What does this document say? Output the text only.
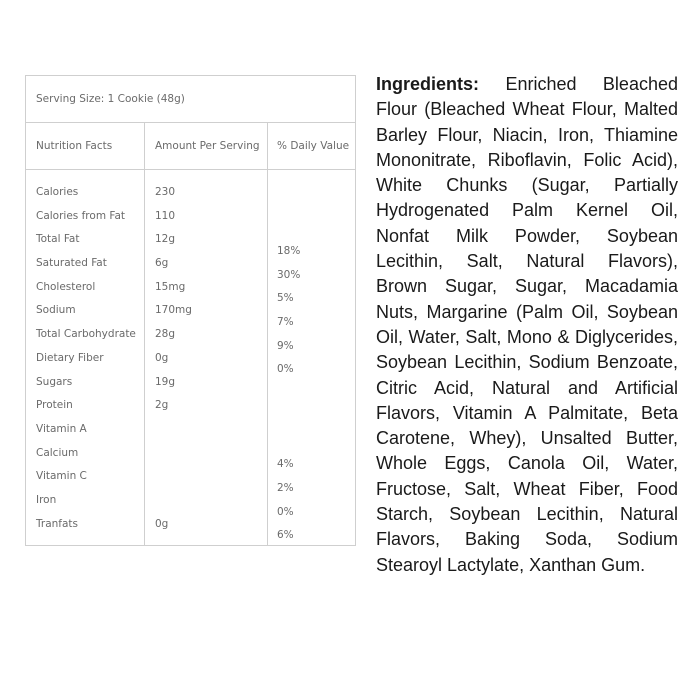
Serving Size: 1 Cookie (48g)
Nutrition Facts	Amount Per Serving % Daily Value
Calories
Calories from Fat
Total Fat
Saturated Fat
Cholesterol
Sodium
Total Carbohydrate
Dietary Fiber
Sugars
Protein
Vitamin A
Calcium
Vitamin C
Iron
Tranfats
230
110
12g
6g
15mg
170mg
28g
0g
19g
2g
0g
18%
30%
5%
7%
9%
0%
4%
2%
0%
6%

Ingredients: Enriched Bleached Flour (Bleached Wheat Flour, Malted Barley Flour, Niacin, Iron, Thiamine Mononitrate, Riboflavin, Folic Acid), White Chunks (Sugar, Partially Hydrogenated Palm Kernel Oil, Nonfat Milk Powder, Soybean Lecithin, Salt, Natural Flavors), Brown Sugar, Sugar, Macadamia Nuts, Margarine (Palm Oil, Soybean Oil, Water, Salt, Mono & Diglycerides, Soybean Lecithin, Sodium Benzoate, Citric Acid, Natural and Artificial Flavors, Vitamin A Palmitate, Beta Carotene, Whey), Unsalted Butter, Whole Eggs, Canola Oil, Water, Fructose, Salt, Wheat Fiber, Food Starch, Soybean Lecithin, Natural Flavors, Baking Soda, Sodium Stearoyl Lactylate, Xanthan Gum.
